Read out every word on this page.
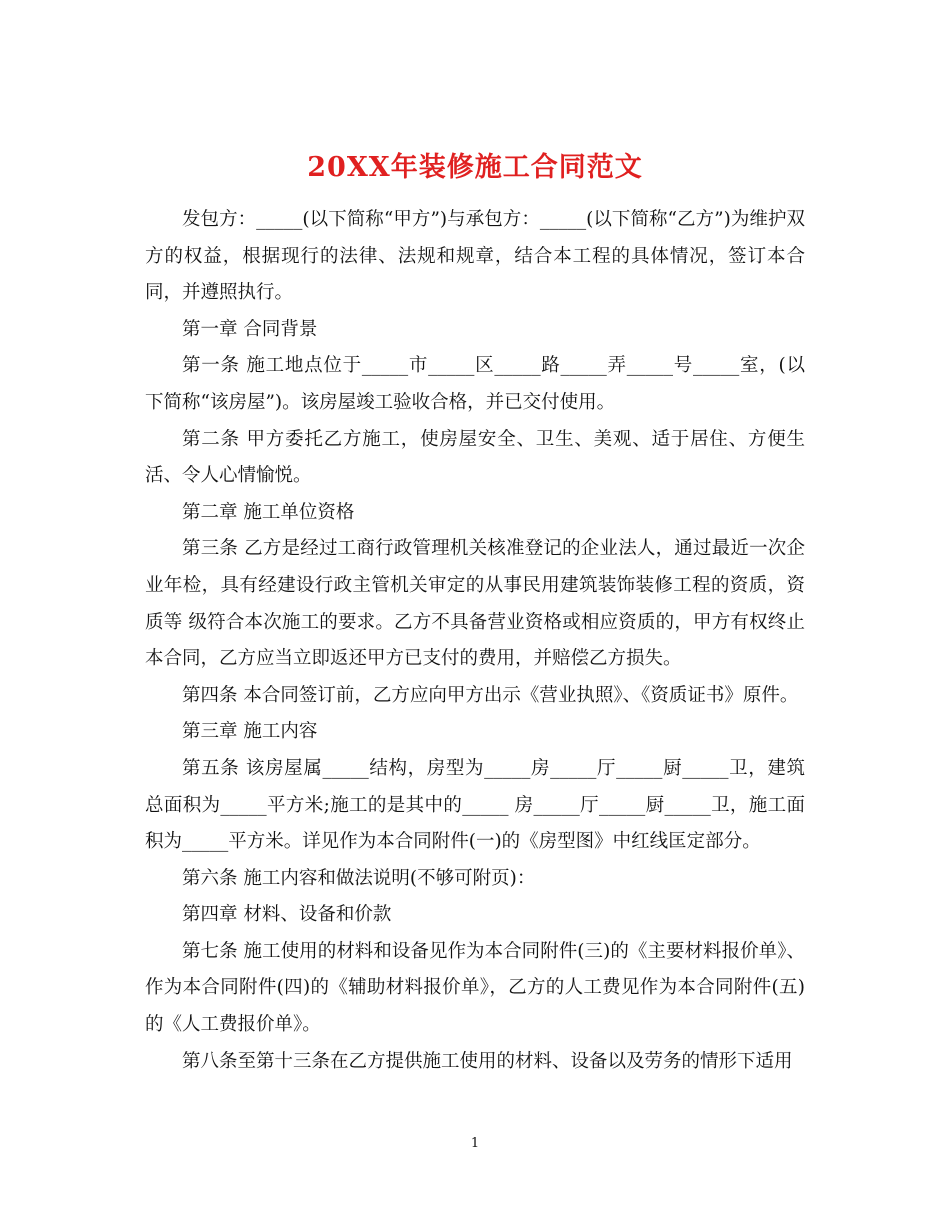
20XX年装修施工合同范文

发包方：_____(以下简称“甲方”)与承包方：_____(以下简称“乙方”)为维护双方的权益，根据现行的法律、法规和规章，结合本工程的具体情况，签订本合同，并遵照执行。

第一章 合同背景

第一条 施工地点位于_____市_____区_____路_____弄_____号_____室，(以下简称“该房屋”)。该房屋竣工验收合格，并已交付使用。

第二条 甲方委托乙方施工，使房屋安全、卫生、美观、适于居住、方便生活、令人心情愉悦。

第二章 施工单位资格

第三条 乙方是经过工商行政管理机关核准登记的企业法人，通过最近一次企业年检，具有经建设行政主管机关审定的从事民用建筑装饰装修工程的资质，资质等 级符合本次施工的要求。乙方不具备营业资格或相应资质的，甲方有权终止本合同，乙方应当立即返还甲方已支付的费用，并赔偿乙方损失。

第四条 本合同签订前，乙方应向甲方出示《营业执照》、《资质证书》原件。

第三章 施工内容

第五条 该房屋属_____结构，房型为_____房_____厅_____厨_____卫，建筑总面积为_____平方米;施工的是其中的_____ 房_____厅_____厨_____卫，施工面积为_____平方米。详见作为本合同附件(一)的《房型图》中红线匡定部分。

第六条 施工内容和做法说明(不够可附页)：

第四章 材料、设备和价款

第七条 施工使用的材料和设备见作为本合同附件(三)的《主要材料报价单》、作为本合同附件(四)的《辅助材料报价单》，乙方的人工费见作为本合同附件(五)的《人工费报价单》。

第八条至第十三条在乙方提供施工使用的材料、设备以及劳务的情形下适用

1
